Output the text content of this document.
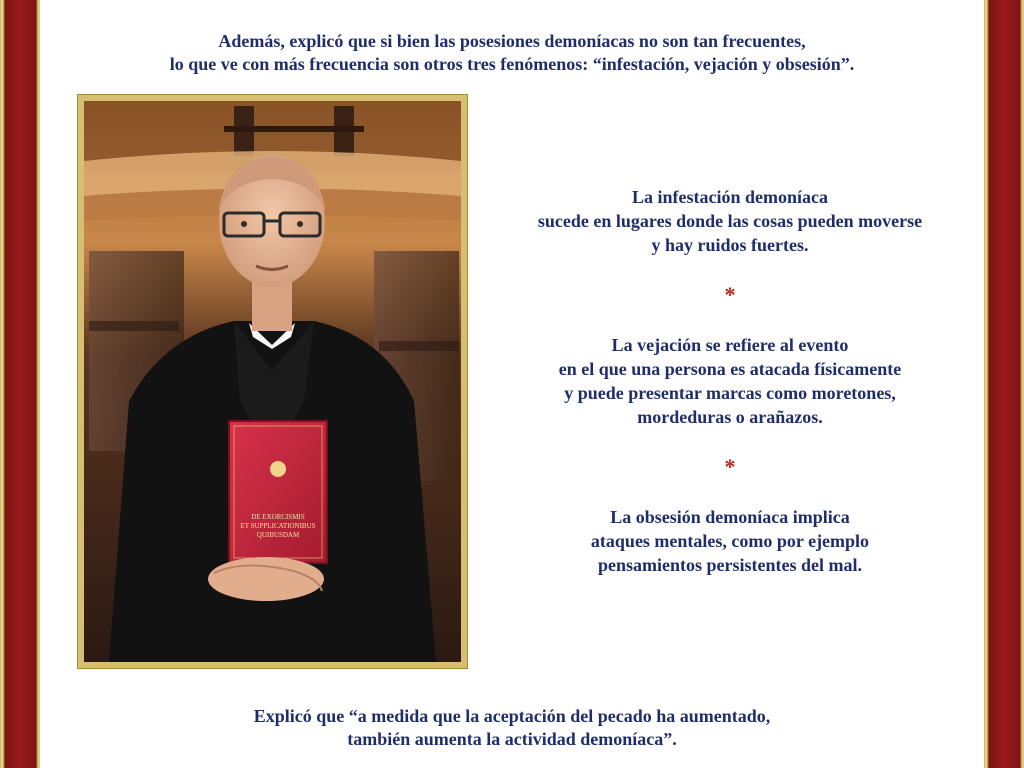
Además, explicó que si bien las posesiones demoníacas no son tan frecuentes,
lo que ve con más frecuencia son otros tres fenómenos: “infestación, vejación y obsesión”.
DE EXORCISMIS
ET SUPPLICATIONIBUS
QUIBUSDAM
La infestación demoníaca
sucede en lugares donde las cosas pueden moverse
y hay ruidos fuertes.
*
La vejación se refiere al evento
en el que una persona es atacada físicamente
y puede presentar marcas como moretones,
mordeduras o arañazos.
*
La obsesión demoníaca implica
ataques mentales, como por ejemplo
pensamientos persistentes del mal.
Explicó que “a medida que la aceptación del pecado ha aumentado,
también aumenta la actividad demoníaca”.
